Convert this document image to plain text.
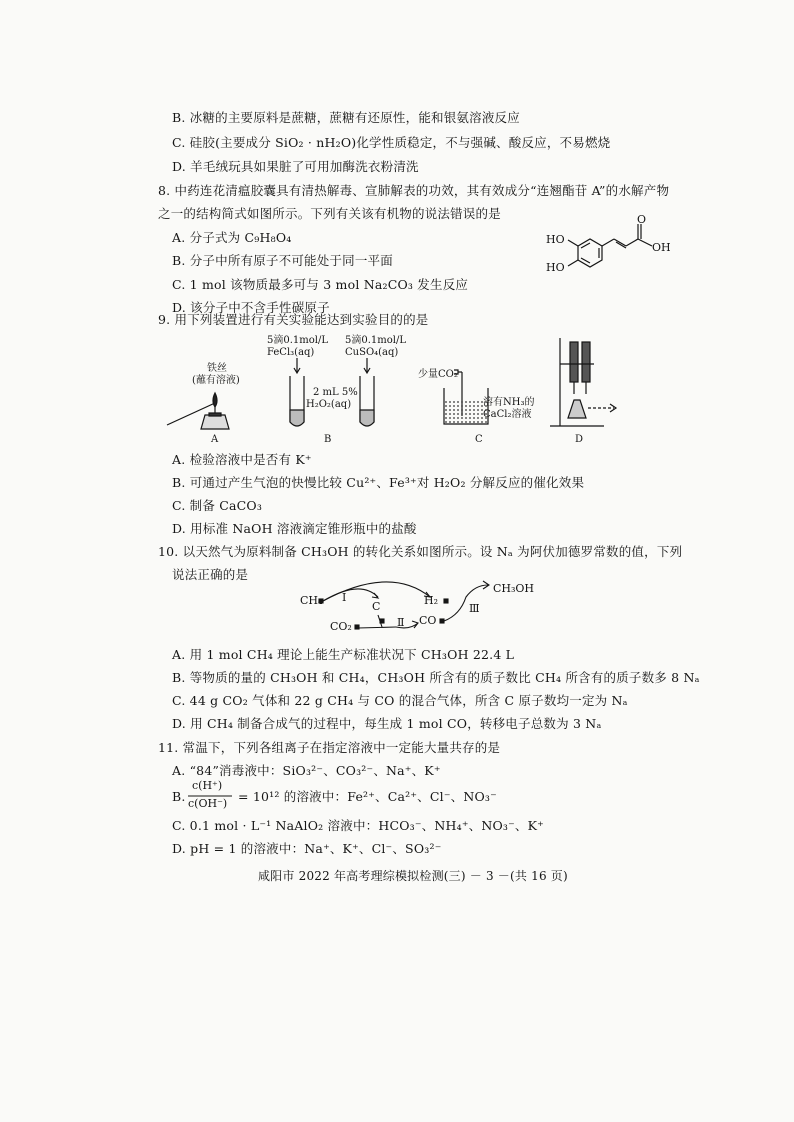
B. 冰糖的主要原料是蔗糖，蔗糖有还原性，能和银氨溶液反应
C. 硅胶(主要成分 SiO₂ · nH₂O)化学性质稳定，不与强碱、酸反应，不易燃烧
D. 羊毛绒玩具如果脏了可用加酶洗衣粉清洗
8. 中药连花清瘟胶囊具有清热解毒、宣肺解表的功效，其有效成分“连翘酯苷 A”的水解产物
之一的结构简式如图所示。下列有关该有机物的说法错误的是
A. 分子式为 C₉H₈O₄
B. 分子中所有原子不可能处于同一平面
C. 1 mol 该物质最多可与 3 mol Na₂CO₃ 发生反应
D. 该分子中不含手性碳原子
HO
HO
OH
O
9. 用下列装置进行有关实验能达到实验目的的是
铁丝
(蘸有溶液)
A
5滴0.1mol/L
FeCl₃(aq)
5滴0.1mol/L
CuSO₄(aq)
2 mL 5%
H₂O₂(aq)
B
少量CO₂
溶有NH₃的
CaCl₂溶液
C	D
A. 检验溶液中是否有 K⁺
B. 可通过产生气泡的快慢比较 Cu²⁺、Fe³⁺对 H₂O₂ 分解反应的催化效果
C. 制备 CaCO₃
D. 用标准 NaOH 溶液滴定锥形瓶中的盐酸
10. 以天然气为原料制备 CH₃OH 的转化关系如图所示。设 Nₐ 为阿伏加德罗常数的值，下列
说法正确的是
CH₄ Ⅰ
C
CO₂	Ⅱ
H₂
CO
Ⅲ
CH₃OH
A. 用 1 mol CH₄ 理论上能生产标准状况下 CH₃OH 22.4 L
B. 等物质的量的 CH₃OH 和 CH₄，CH₃OH 所含有的质子数比 CH₄ 所含有的质子数多 8 Nₐ
C. 44 g CO₂ 气体和 22 g CH₄ 与 CO 的混合气体，所含 C 原子数均一定为 Nₐ
D. 用 CH₄ 制备合成气的过程中，每生成 1 mol CO，转移电子总数为 3 Nₐ
11. 常温下，下列各组离子在指定溶液中一定能大量共存的是
A. “84”消毒液中：SiO₃²⁻、CO₃²⁻、Na⁺、K⁺
B.
c(H⁺)
c(OH⁻) = 10¹² 的溶液中：Fe²⁺、Ca²⁺、Cl⁻、NO₃⁻
C. 0.1 mol · L⁻¹ NaAlO₂ 溶液中：HCO₃⁻、NH₄⁺、NO₃⁻、K⁺
D. pH = 1 的溶液中：Na⁺、K⁺、Cl⁻、SO₃²⁻
咸阳市 2022 年高考理综模拟检测(三) － 3 －(共 16 页)
